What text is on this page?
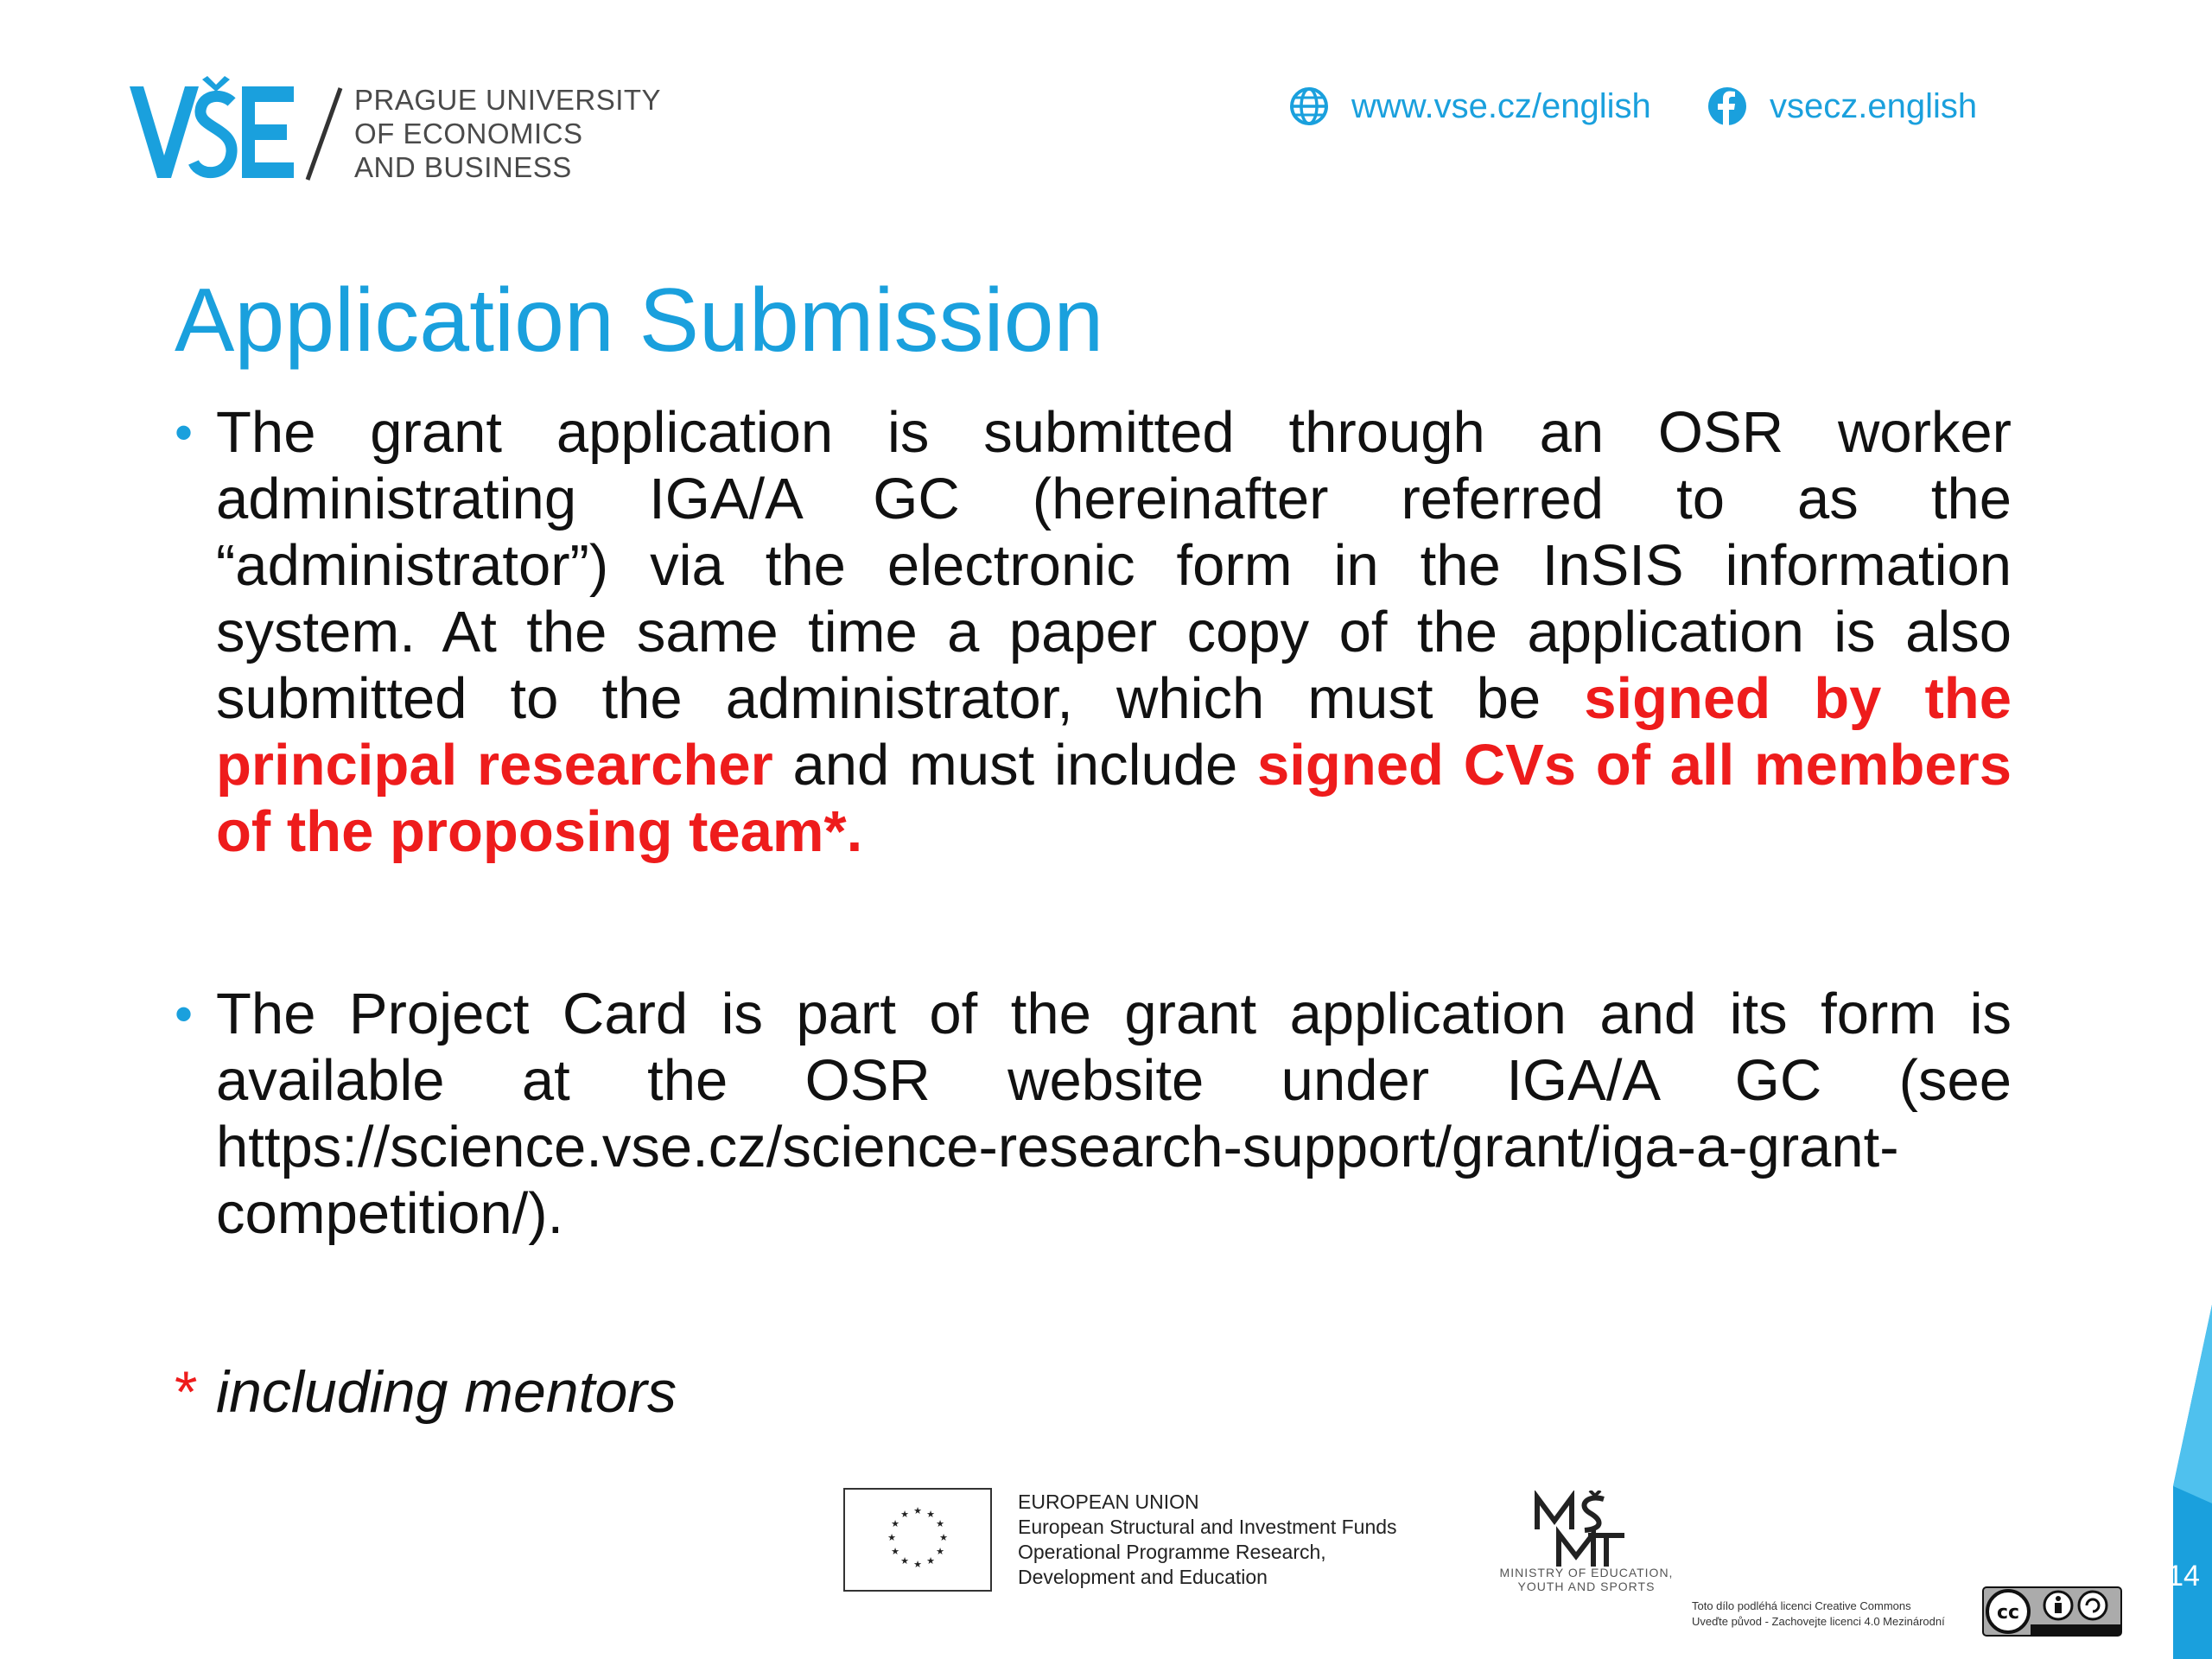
PRAGUE UNIVERSITY
OF ECONOMICS
AND BUSINESS
www.vse.cz/english	vsecz.english
Application Submission
• The grant application is submitted through an OSR worker administrating IGA/A GC (hereinafter referred to as the “administrator”) via the electronic form in the InSIS information system. At the same time a paper copy of the application is also submitted to the administrator, which must be signed by the principal researcher and must include signed CVs of all members of the proposing team*.
• The Project Card is part of the grant application and its form is available at the OSR website under IGA/A GC (see https://science.vse.cz/science-research-support/grant/iga-a-grant-competition/).
* including mentors
★ ★
★
★
★
★
★
★
★
★
★
★
EUROPEAN UNION
European Structural and Investment Funds
Operational Programme Research,
Development and Education	MINISTRY OF EDUCATION,
YOUTH AND SPORTS
Toto dílo podléhá licenci Creative Commons
Uveďte původ - Zachovejte licenci 4.0 Mezinárodní	cc
14
